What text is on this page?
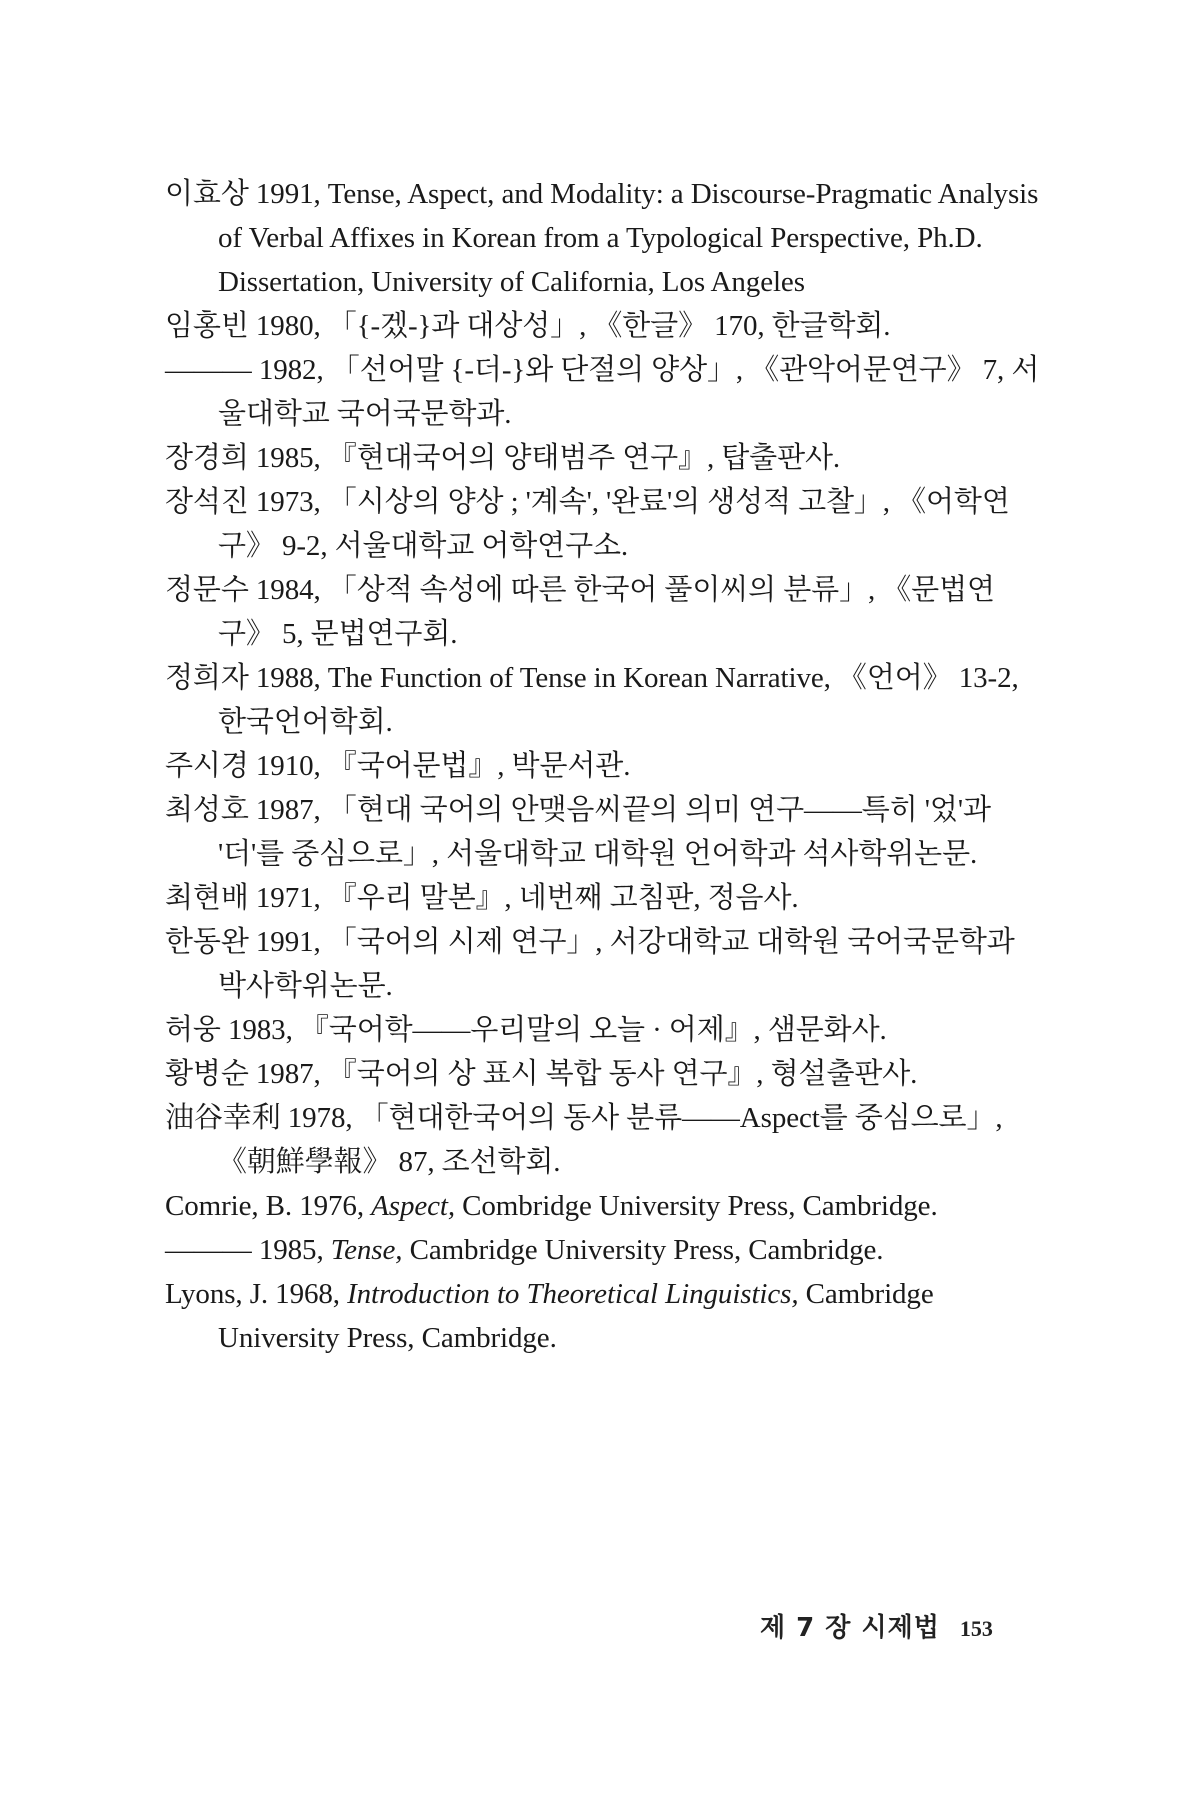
이효상 1991, Tense, Aspect, and Modality: a Discourse-Pragmatic Analysis of Verbal Affixes in Korean from a Typological Perspective, Ph.D. Dissertation, University of California, Los Angeles
임홍빈 1980, 「{-겠-}과 대상성」, 《한글》 170, 한글학회.
——— 1982, 「선어말 {-더-}와 단절의 양상」, 《관악어문연구》 7, 서울대학교 국어국문학과.
장경희 1985, 『현대국어의 양태범주 연구』, 탑출판사.
장석진 1973, 「시상의 양상 ; '계속', '완료'의 생성적 고찰」, 《어학연구》 9-2, 서울대학교 어학연구소.
정문수 1984, 「상적 속성에 따른 한국어 풀이씨의 분류」, 《문법연구》 5, 문법연구회.
정희자 1988, The Function of Tense in Korean Narrative, 《언어》 13-2, 한국언어학회.
주시경 1910, 『국어문법』, 박문서관.
최성호 1987, 「현대 국어의 안맺음씨끝의 의미 연구——특히 '었'과 '더'를 중심으로」, 서울대학교 대학원 언어학과 석사학위논문.
최현배 1971, 『우리 말본』, 네번째 고침판, 정음사.
한동완 1991, 「국어의 시제 연구」, 서강대학교 대학원 국어국문학과 박사학위논문.
허웅 1983, 『국어학——우리말의 오늘 · 어제』, 샘문화사.
황병순 1987, 『국어의 상 표시 복합 동사 연구』, 형설출판사.
油谷幸利 1978, 「현대한국어의 동사 분류——Aspect를 중심으로」, 《朝鮮學報》 87, 조선학회.
Comrie, B. 1976, Aspect, Combridge University Press, Cambridge.
——— 1985, Tense, Cambridge University Press, Cambridge.
Lyons, J. 1968, Introduction to Theoretical Linguistics, Cambridge University Press, Cambridge.
제 7 장 시제법 153
